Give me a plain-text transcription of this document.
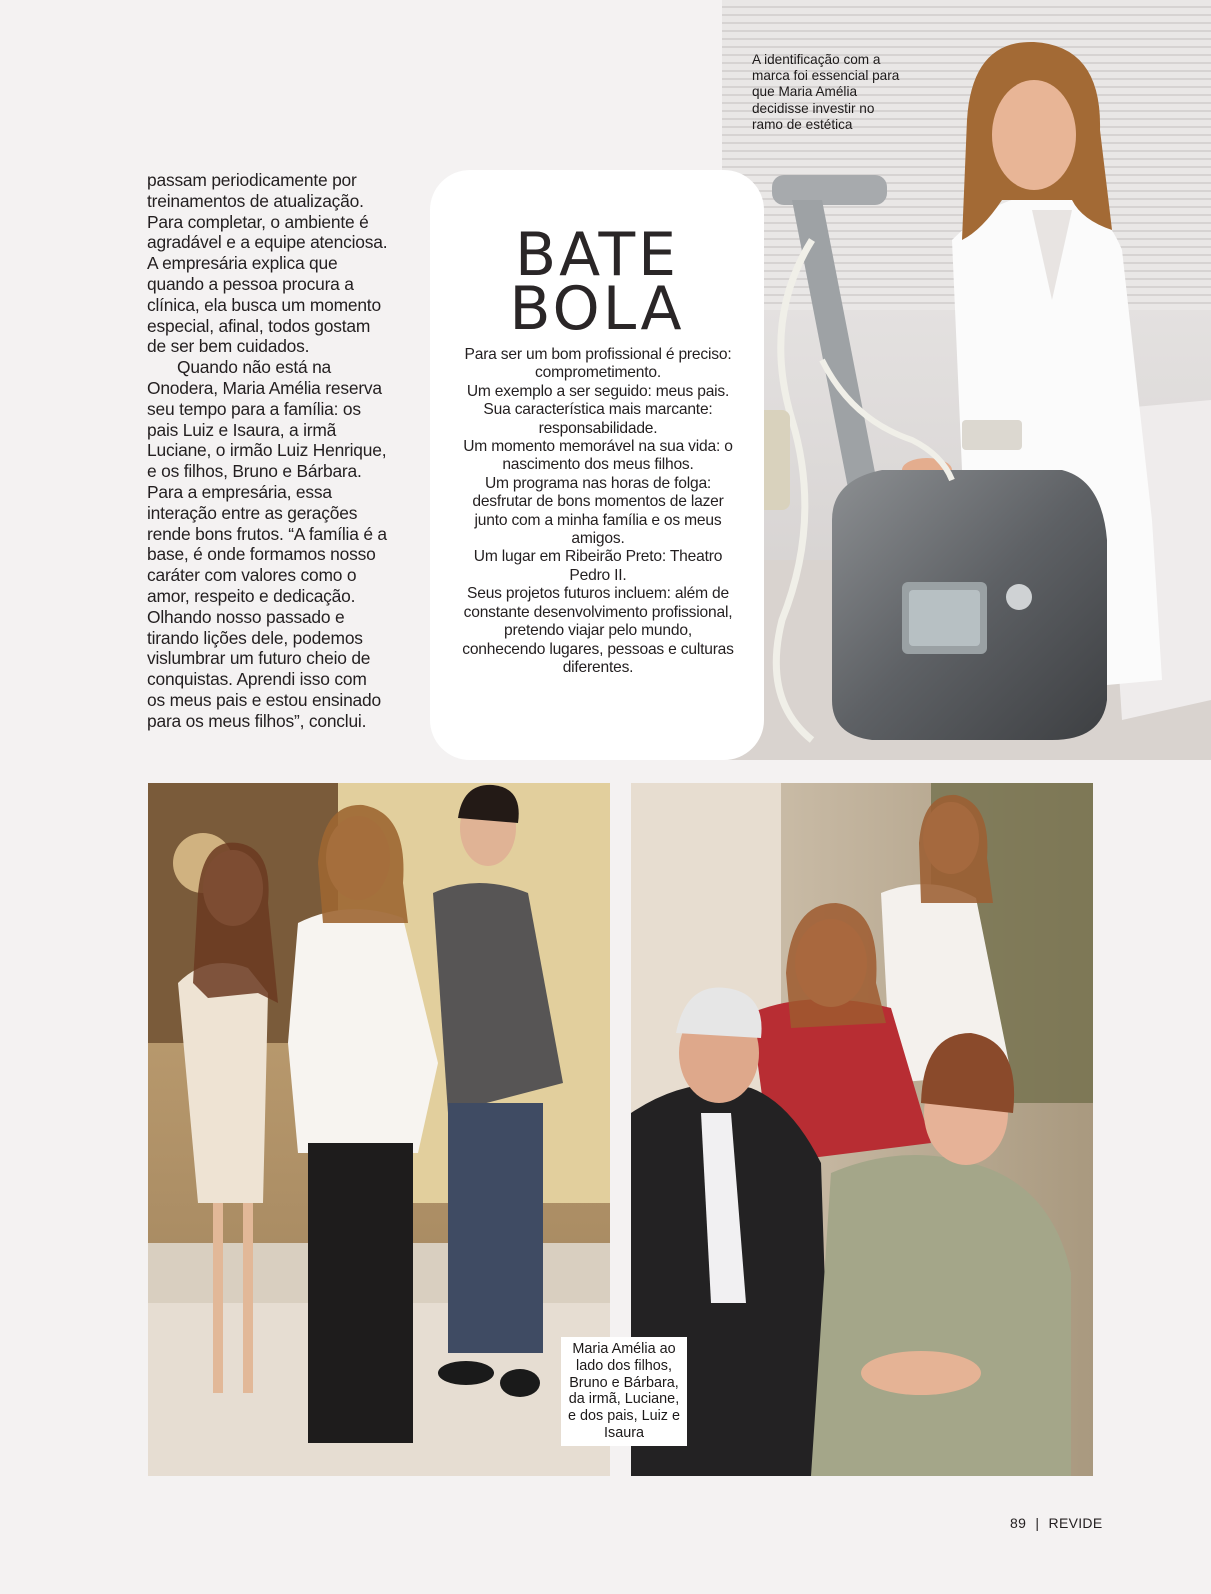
A identificação com a marca foi essencial para que Maria Amélia decidisse investir no ramo de estética

passam periodicamente por treinamentos de atualização. Para completar, o ambiente é agradável e a equipe atenciosa. A empresária explica que quando a pessoa procura a clínica, ela busca um momento especial, afinal, todos gostam de ser bem cuidados.

Quando não está na Onodera, Maria Amélia reserva seu tempo para a família: os pais Luiz e Isaura, a irmã Luciane, o irmão Luiz Henrique, e os filhos, Bruno e Bárbara. Para a empresária, essa interação entre as gerações rende bons frutos. “A família é a base, é onde formamos nosso caráter com valores como o amor, respeito e dedicação. Olhando nosso passado e tirando lições dele, podemos vislumbrar um futuro cheio de conquistas. Aprendi isso com os meus pais e estou ensinado para os meus filhos”, conclui.

BATE
BOLA

Para ser um bom profissional é preciso: comprometimento.

Um exemplo a ser seguido: meus pais.

Sua característica mais marcante: responsabilidade.

Um momento memorável na sua vida: o nascimento dos meus filhos.

Um programa nas horas de folga: desfrutar de bons momentos de lazer junto com a minha família e os meus amigos.

Um lugar em Ribeirão Preto: Theatro Pedro II.

Seus projetos futuros incluem: além de constante desenvolvimento profissional, pretendo viajar pelo mundo, conhecendo lugares, pessoas e culturas diferentes.

Maria Amélia ao lado dos filhos, Bruno e Bárbara, da irmã, Luciane, e dos pais, Luiz e Isaura
89 | REVIDE
